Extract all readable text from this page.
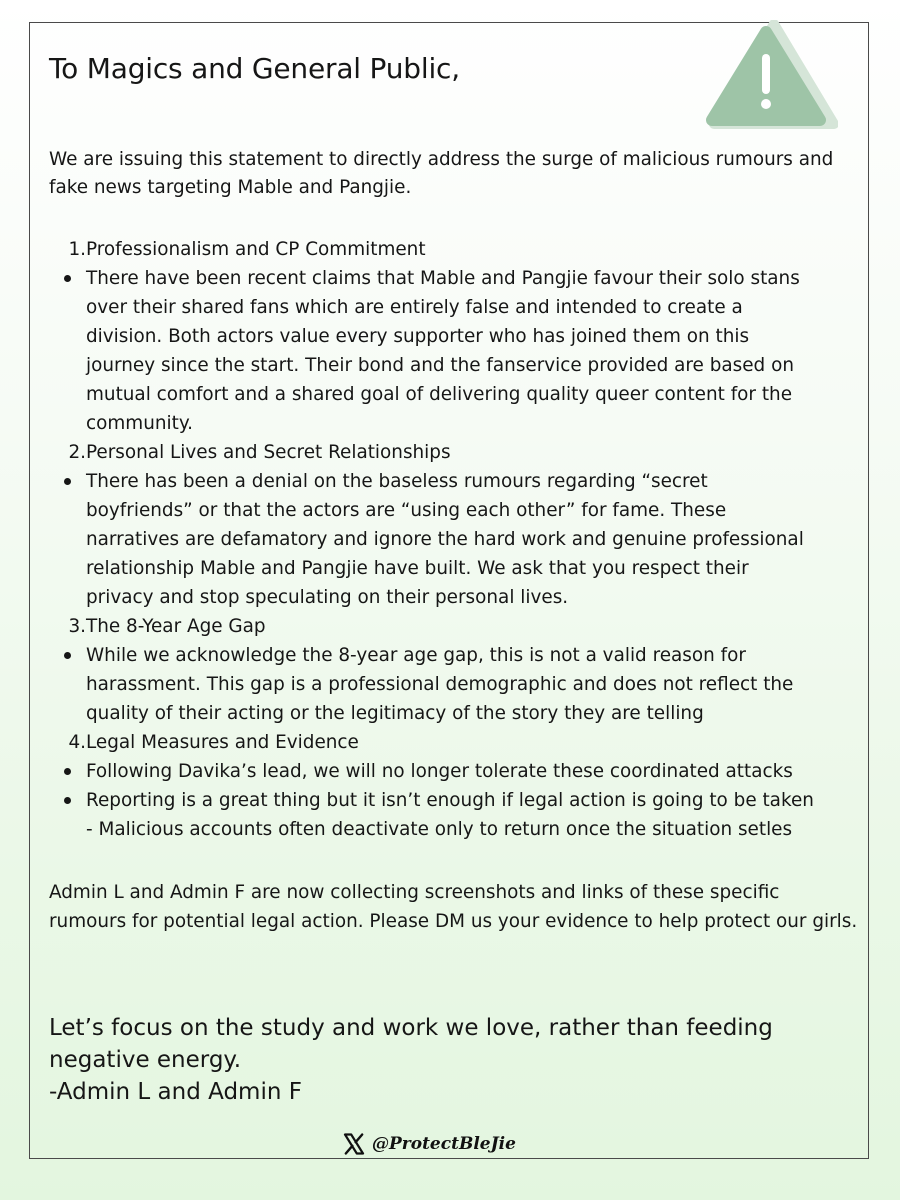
To Magics and General Public,

We are issuing this statement to directly address the surge of malicious rumours and fake news targeting Mable and Pangjie.

1. Professionalism and CP Commitment
There have been recent claims that Mable and Pangjie favour their solo stans
over their shared fans which are entirely false and intended to create a
division. Both actors value every supporter who has joined them on this
journey since the start. Their bond and the fanservice provided are based on
mutual comfort and a shared goal of delivering quality queer content for the
community.
2. Personal Lives and Secret Relationships
There has been a denial on the baseless rumours regarding “secret
boyfriends” or that the actors are “using each other” for fame. These
narratives are defamatory and ignore the hard work and genuine professional
relationship Mable and Pangjie have built. We ask that you respect their
privacy and stop speculating on their personal lives.
3. The 8-Year Age Gap
While we acknowledge the 8-year age gap, this is not a valid reason for
harassment. This gap is a professional demographic and does not reflect the
quality of their acting or the legitimacy of the story they are telling
4. Legal Measures and Evidence
Following Davika’s lead, we will no longer tolerate these coordinated attacks
Reporting is a great thing but it isn’t enough if legal action is going to be taken
- Malicious accounts often deactivate only to return once the situation setles

Admin L and Admin F are now collecting screenshots and links of these specific rumours for potential legal action. Please DM us your evidence to help protect our girls.

Let’s focus on the study and work we love, rather than feeding negative energy.
-Admin L and Admin F
@ProtectBleJie
